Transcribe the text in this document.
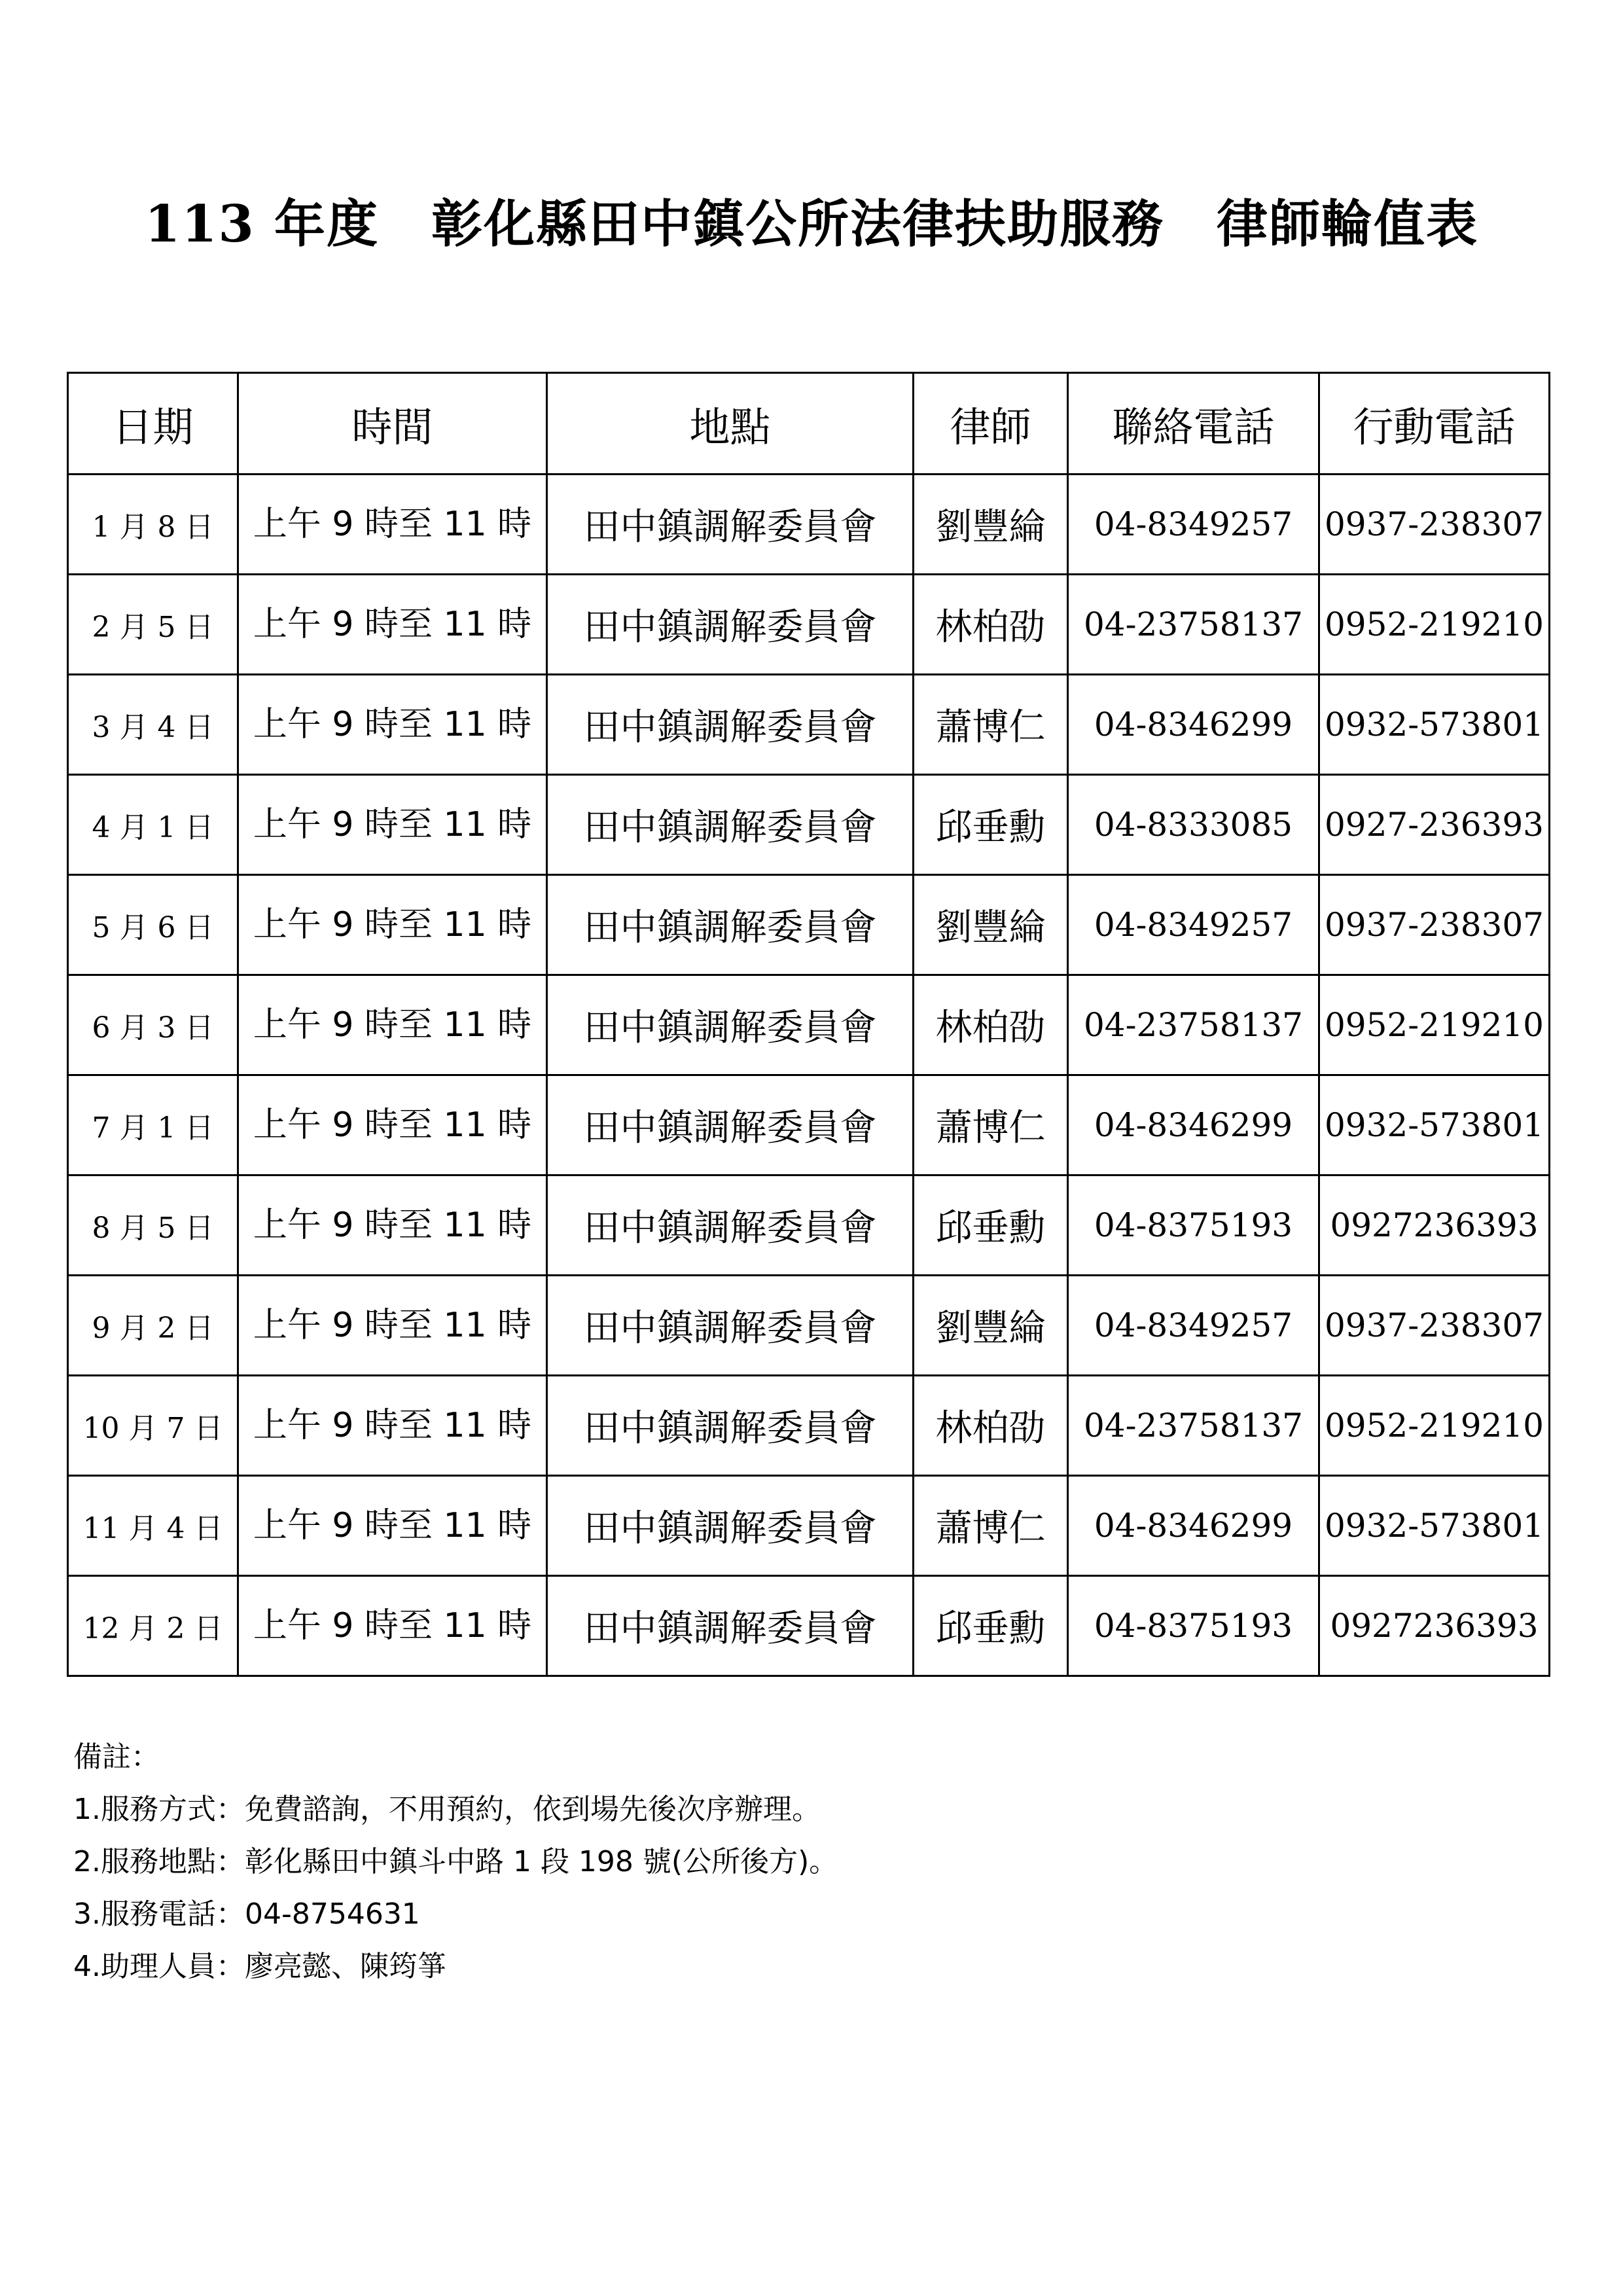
113 年度　彰化縣田中鎮公所法律扶助服務　律師輪值表
日期	時間	地點	律師	聯絡電話	行動電話
1 月 8 日	上午 9 時至 11 時	田中鎮調解委員會	劉豐綸	04-8349257	0937-238307
2 月 5 日	上午 9 時至 11 時	田中鎮調解委員會	林柏劭	04-23758137	0952-219210
3 月 4 日	上午 9 時至 11 時	田中鎮調解委員會	蕭博仁	04-8346299	0932-573801
4 月 1 日	上午 9 時至 11 時	田中鎮調解委員會	邱垂勳	04-8333085	0927-236393
5 月 6 日	上午 9 時至 11 時	田中鎮調解委員會	劉豐綸	04-8349257	0937-238307
6 月 3 日	上午 9 時至 11 時	田中鎮調解委員會	林柏劭	04-23758137	0952-219210
7 月 1 日	上午 9 時至 11 時	田中鎮調解委員會	蕭博仁	04-8346299	0932-573801
8 月 5 日	上午 9 時至 11 時	田中鎮調解委員會	邱垂勳	04-8375193	0927236393
9 月 2 日	上午 9 時至 11 時	田中鎮調解委員會	劉豐綸	04-8349257	0937-238307
10 月 7 日	上午 9 時至 11 時	田中鎮調解委員會	林柏劭	04-23758137	0952-219210
11 月 4 日	上午 9 時至 11 時	田中鎮調解委員會	蕭博仁	04-8346299	0932-573801
12 月 2 日	上午 9 時至 11 時	田中鎮調解委員會	邱垂勳	04-8375193	0927236393
備註：
1.服務方式：免費諮詢，不用預約，依到場先後次序辦理。
2.服務地點：彰化縣田中鎮斗中路 1 段 198 號(公所後方)。
3.服務電話：04-8754631
4.助理人員：廖亮懿、陳筠箏
